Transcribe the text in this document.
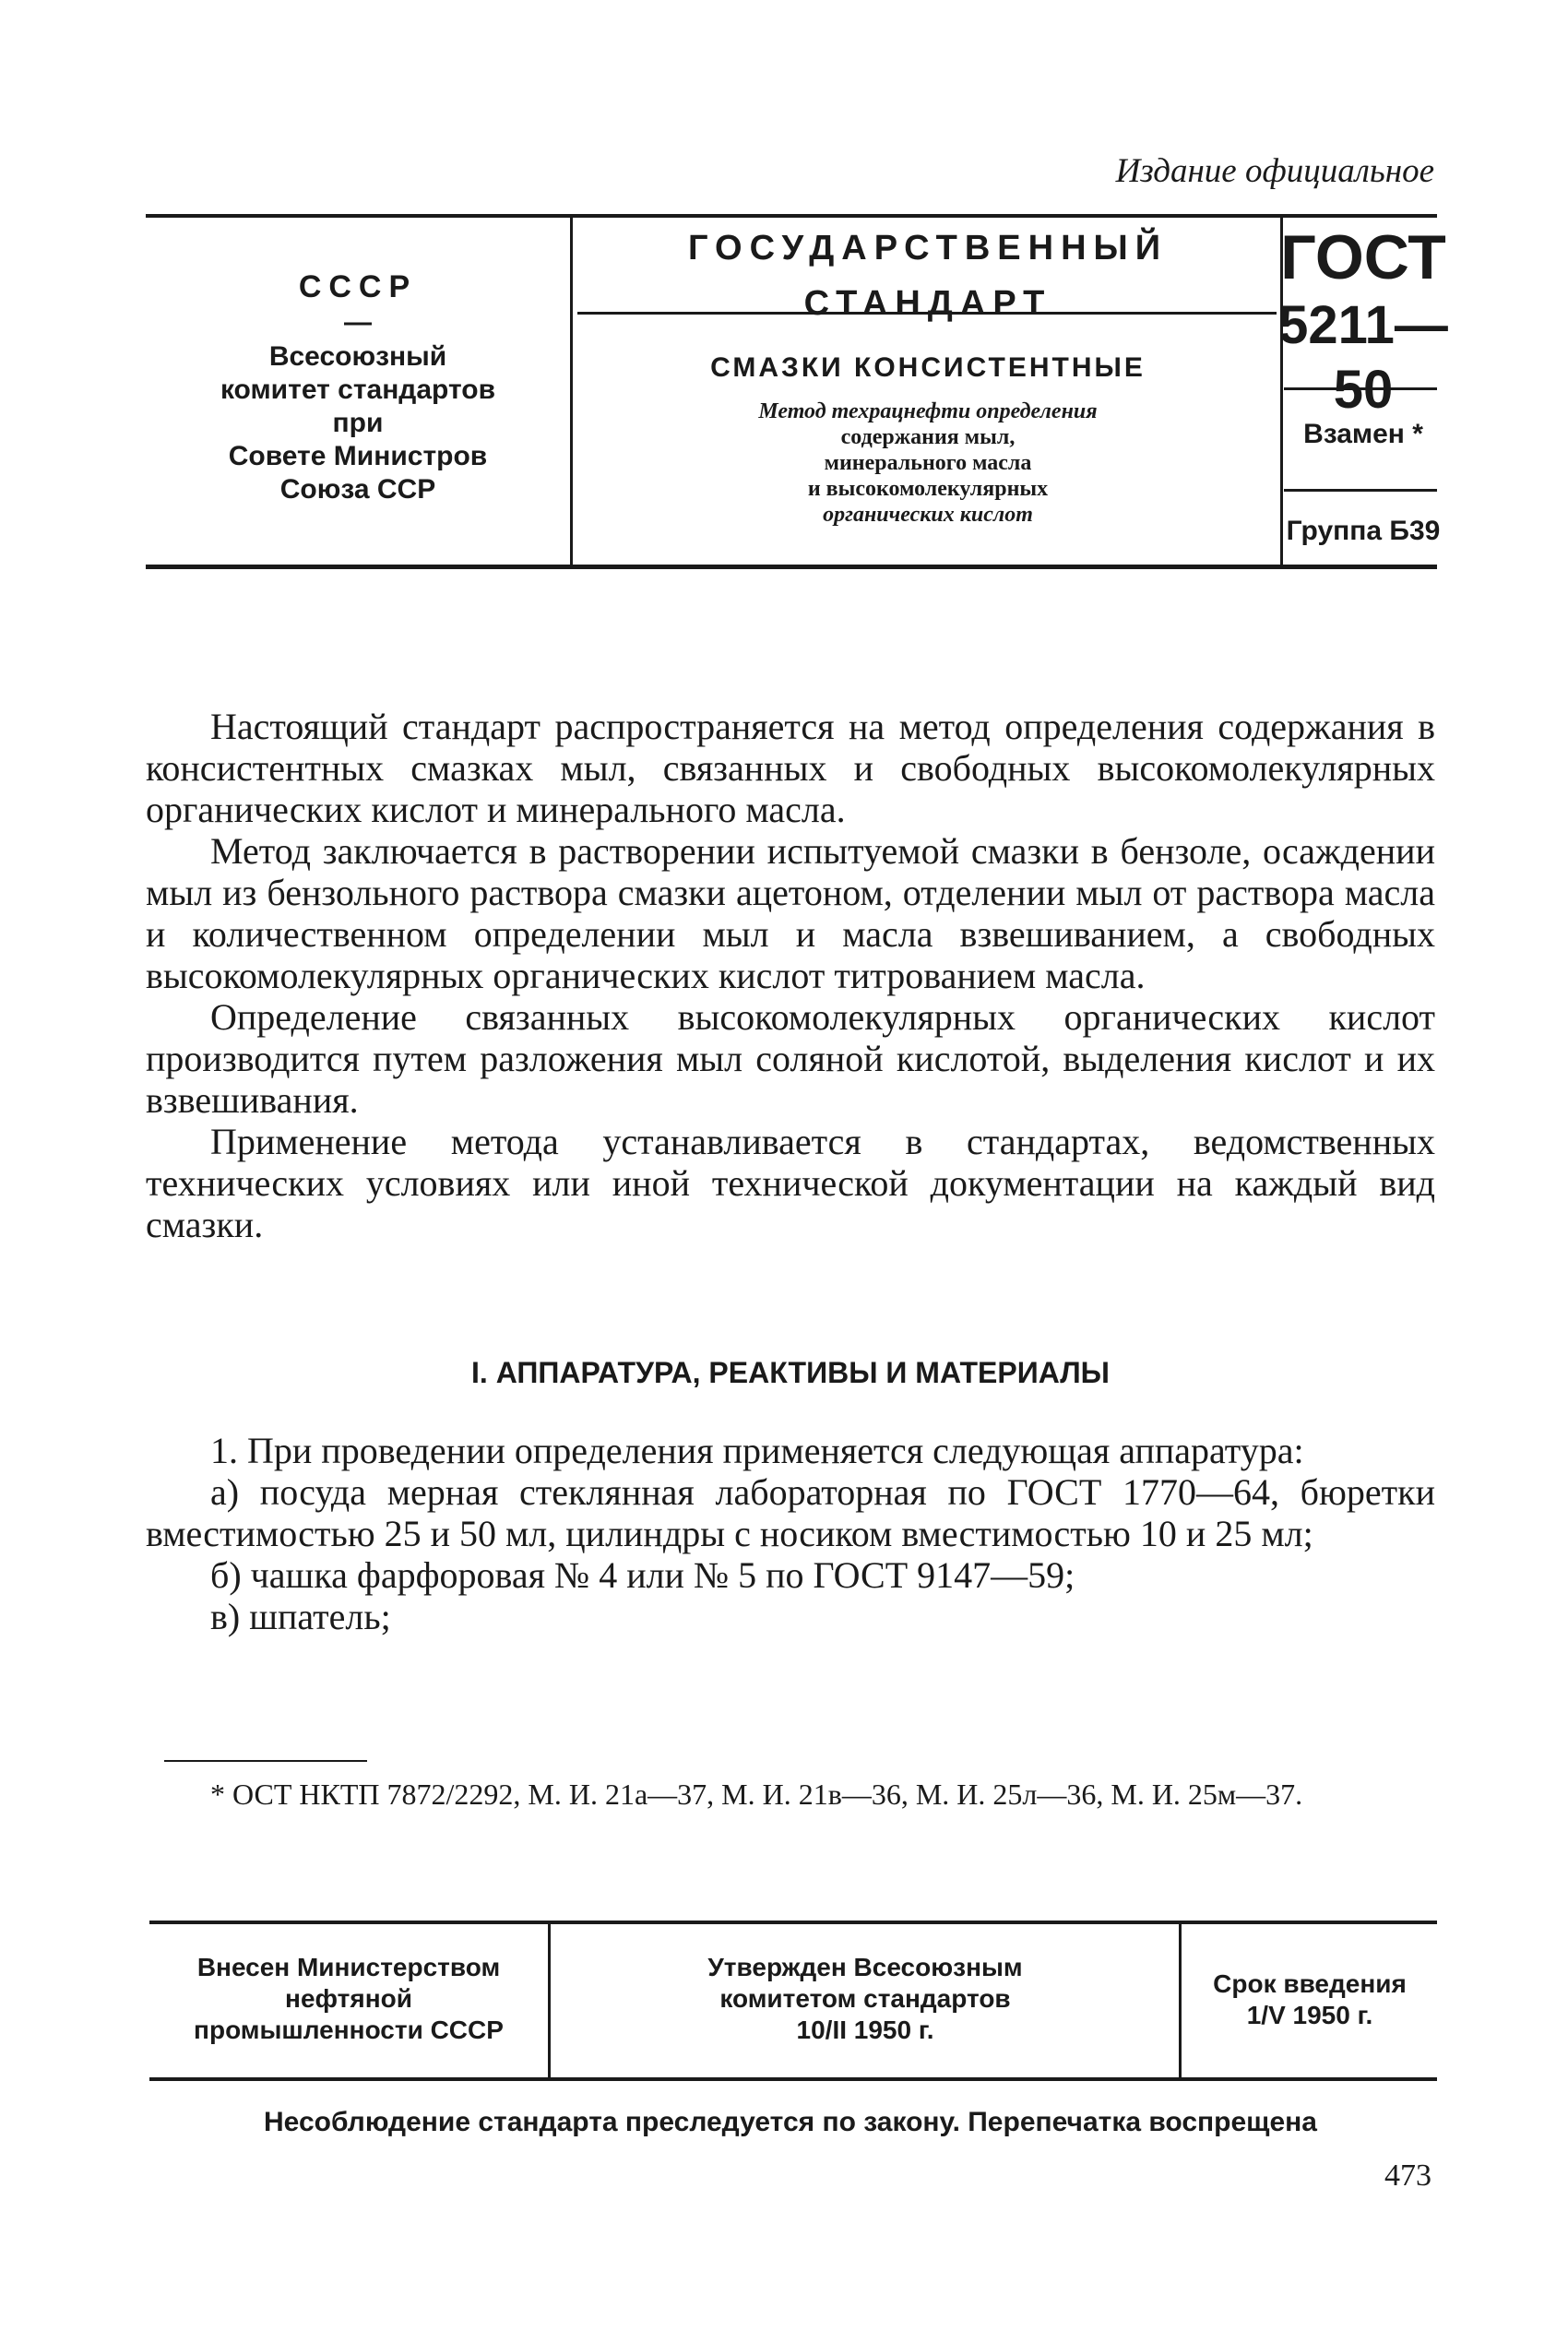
Издание официальное
СССР
—
Всесоюзный
комитет стандартов
при
Совете Министров
Союза ССР
ГОСУДАРСТВЕННЫЙ
СТАНДАРТ
СМАЗКИ КОНСИСТЕНТНЫЕ
Метод техрацнефти определения
содержания мыл,
минерального масла
и высокомолекулярных
органических кислот
ГОСТ
5211—50
Взамен *
Группа Б39

Настоящий стандарт распространяется на метод определения содержания в консистентных смазках мыл, связанных и свободных высокомолекулярных органических кислот и минерального масла.

Метод заключается в растворении испытуемой смазки в бензоле, осаждении мыл из бензольного раствора смазки ацетоном, отделении мыл от раствора масла и количественном определении мыл и масла взвешиванием, а свободных высокомолекулярных органических кислот титрованием масла.

Определение связанных высокомолекулярных органических кислот производится путем разложения мыл соляной кислотой, выделения кислот и их взвешивания.

Применение метода устанавливается в стандартах, ведомственных технических условиях или иной технической документации на каждый вид смазки.

I. АППАРАТУРА, РЕАКТИВЫ И МАТЕРИАЛЫ

1. При проведении определения применяется следующая аппаратура:

а) посуда мерная стеклянная лабораторная по ГОСТ 1770—64, бюретки вместимостью 25 и 50 мл, цилиндры с носиком вместимостью 10 и 25 мл;

б) чашка фарфоровая № 4 или № 5 по ГОСТ 9147—59;

в) шпатель;

* ОСТ НКТП 7872/2292, М. И. 21а—37, М. И. 21в—36, М. И. 25л—36, М. И. 25м—37.
Внесен Министерством
нефтяной
промышленности СССР
Утвержден Всесоюзным
комитетом стандартов
10/II 1950 г.
Срок введения
1/V 1950 г.
Несоблюдение стандарта преследуется по закону. Перепечатка воспрещена
473
